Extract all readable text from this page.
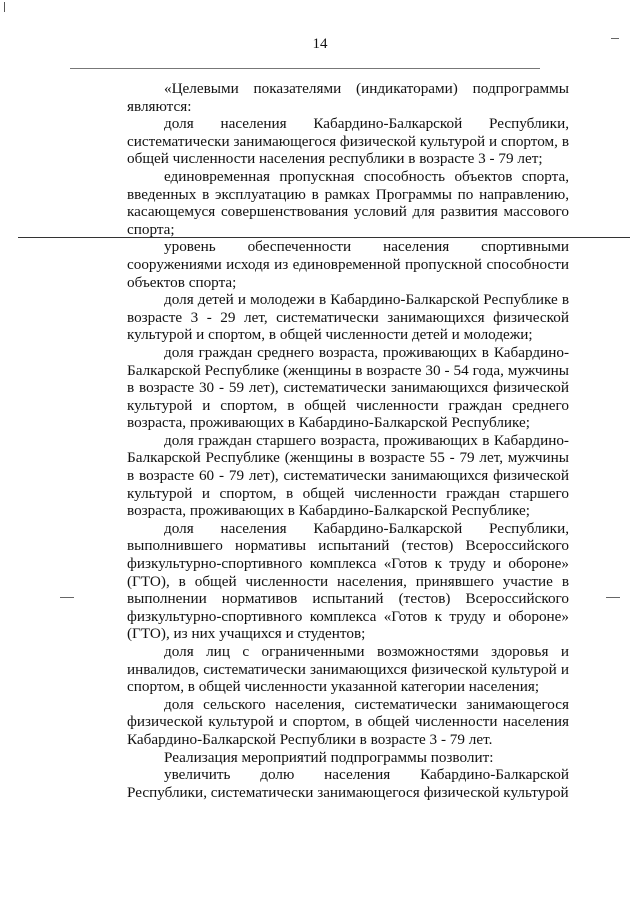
14

«Целевыми показателями (индикаторами) подпрограммы являются:

доля населения Кабардино-Балкарской Республики, систематически занимающегося физической культурой и спортом, в общей численности населения республики в возрасте 3 - 79 лет;

единовременная пропускная способность объектов спорта, введенных в эксплуатацию в рамках Программы по направлению, касающемуся совершенствования условий для развития массового спорта;

уровень обеспеченности населения спортивными сооружениями исходя из единовременной пропускной способности объектов спорта;

доля детей и молодежи в Кабардино-Балкарской Республике в возрасте 3 - 29 лет, систематически занимающихся физической культурой и спортом, в общей численности детей и молодежи;

доля граждан среднего возраста, проживающих в Кабардино-Балкарской Республике (женщины в возрасте 30 - 54 года, мужчины в возрасте 30 - 59 лет), систематически занимающихся физической культурой и спортом, в общей численности граждан среднего возраста, проживающих в Кабардино-Балкарской Республике;

доля граждан старшего возраста, проживающих в Кабардино-Балкарской Республике (женщины в возрасте 55 - 79 лет, мужчины в возрасте 60 - 79 лет), систематически занимающихся физической культурой и спортом, в общей численности граждан старшего возраста, проживающих в Кабардино-Балкарской Республике;

доля населения Кабардино-Балкарской Республики, выполнившего нормативы испытаний (тестов) Всероссийского физкультурно-спортивного комплекса «Готов к труду и обороне» (ГТО), в общей численности населения, принявшего участие в выполнении нормативов испытаний (тестов) Всероссийского физкультурно-спортивного комплекса «Готов к труду и обороне» (ГТО), из них учащихся и студентов;

доля лиц с ограниченными возможностями здоровья и инвалидов, систематически занимающихся физической культурой и спортом, в общей численности указанной категории населения;

доля сельского населения, систематически занимающегося физической культурой и спортом, в общей численности населения Кабардино-Балкарской Республики в возрасте 3 - 79 лет.

Реализация мероприятий подпрограммы позволит:

увеличить долю населения Кабардино-Балкарской Республики, систематически занимающегося физической культурой
